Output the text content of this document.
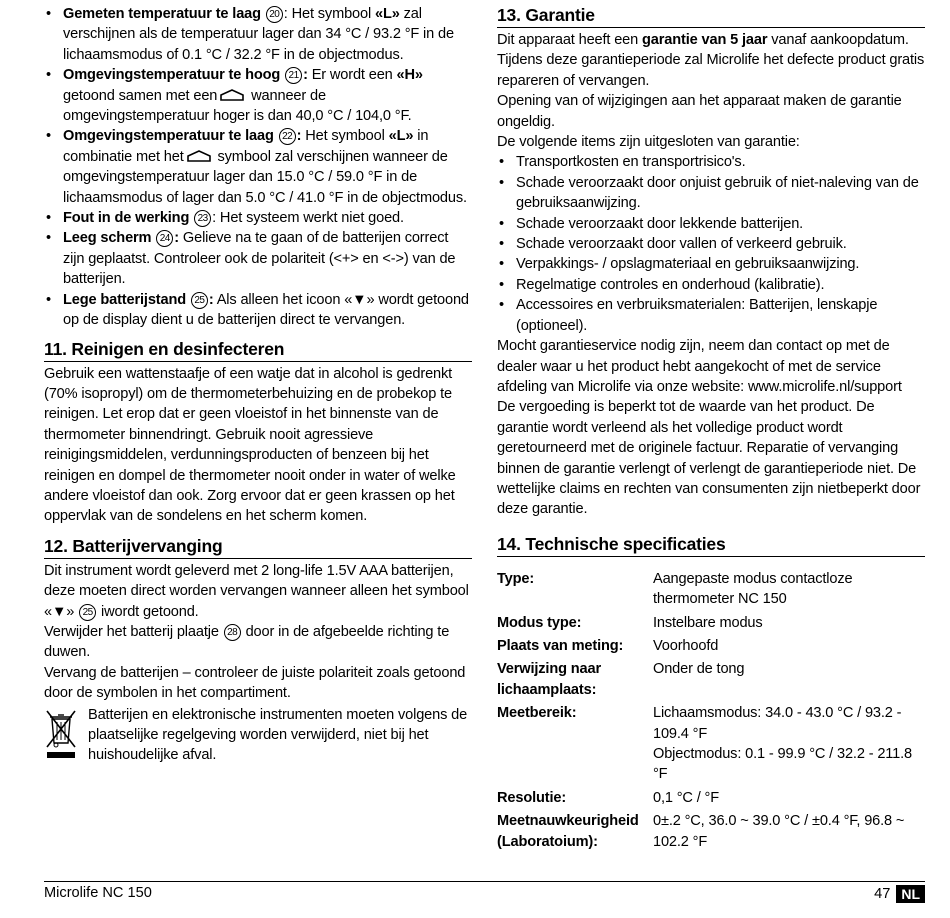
• Gemeten temperatuur te laag 20 : Het symbool «L» zal verschijnen als de temperatuur lager dan 34 °C / 93.2 °F in de lichaamsmodus of 0.1 °C / 32.2 °F in de objectmodus.
• Omgevingstemperatuur te hoog 21 : Er wordt een «H» getoond samen met een wanneer de omgevingstemperatuur hoger is dan 40,0 °C / 104,0 °F.
• Omgevingstemperatuur te laag 22 : Het symbool «L» in combinatie met het symbool zal verschijnen wanneer de omgevingstemperatuur lager dan 15.0 °C / 59.0 °F in de lichaamsmodus of lager dan 5.0 °C / 41.0 °F in de objectmodus.
• Fout in de werking 23 : Het systeem werkt niet goed.
• Leeg scherm 24 : Gelieve na te gaan of de batterijen correct zijn geplaatst. Controleer ook de polariteit (<+> en <->) van de batterijen.
• Lege batterijstand 25 : Als alleen het icoon «▼» wordt getoond op de display dient u de batterijen direct te vervangen.
11. Reinigen en desinfecteren

Gebruik een wattenstaafje of een watje dat in alcohol is gedrenkt (70% isopropyl) om de thermometerbehuizing en de probekop te reinigen. Let erop dat er geen vloeistof in het binnenste van de thermometer binnendringt. Gebruik nooit agressieve reinigingsmiddelen, verdunningsproducten of benzeen bij het reinigen en dompel de thermometer nooit onder in water of welke andere vloeistof dan ook. Zorg ervoor dat er geen krassen op het oppervlak van de sondelens en het scherm komen.

12. Batterijvervanging

Dit instrument wordt geleverd met 2 long-life 1.5V AAA batterijen, deze moeten direct worden vervangen wanneer alleen het symbool «▼» 25 iwordt getoond.

Verwijder het batterij plaatje 28 door in de afgebeelde richting te duwen.

Vervang de batterijen – controleer de juiste polariteit zoals getoond door de symbolen in het compartiment.

Batterijen en elektronische instrumenten moeten volgens de plaatselijke regelgeving worden verwijderd, niet bij het huishoudelijke afval.
13. Garantie

Dit apparaat heeft een garantie van 5 jaar vanaf aankoopdatum. Tijdens deze garantieperiode zal Microlife het defecte product gratis repareren of vervangen.

Opening van of wijzigingen aan het apparaat maken de garantie ongeldig.

De volgende items zijn uitgesloten van garantie:

• Transportkosten en transportrisico's.
• Schade veroorzaakt door onjuist gebruik of niet-naleving van de gebruiksaanwijzing.
• Schade veroorzaakt door lekkende batterijen.
• Schade veroorzaakt door vallen of verkeerd gebruik.
• Verpakkings- / opslagmateriaal en gebruiksaanwijzing.
• Regelmatige controles en onderhoud (kalibratie).
• Accessoires en verbruiksmaterialen: Batterijen, lenskapje (optioneel).

Mocht garantieservice nodig zijn, neem dan contact op met de dealer waar u het product hebt aangekocht of met de service afdeling van Microlife via onze website: www.microlife.nl/support

De vergoeding is beperkt tot de waarde van het product. De garantie wordt verleend als het volledige product wordt geretourneerd met de originele factuur. Reparatie of vervanging binnen de garantie verlengt of verlengt de garantieperiode niet. De wettelijke claims en rechten van consumenten zijn nietbeperkt door deze garantie.

14. Technische specificaties
Type:	Aangepaste modus contactloze thermometer NC 150
Modus type:	Instelbare modus
Plaats van meting:	Voorhoofd
Verwijzing naar lichaamplaats:
Onder de tong
Meetbereik:	Lichaamsmodus: 34.0 - 43.0 °C / 93.2 - 109.4 °F
Objectmodus: 0.1 - 99.9 °C / 32.2 - 211.8 °F
Resolutie:	0,1 °C / °F
Meetnauwkeurigheid (Laboratoium):
0±.2 °C, 36.0 ~ 39.0 °C / ±0.4 °F, 96.8 ~ 102.2 °F
Microlife NC 150	47 NL
